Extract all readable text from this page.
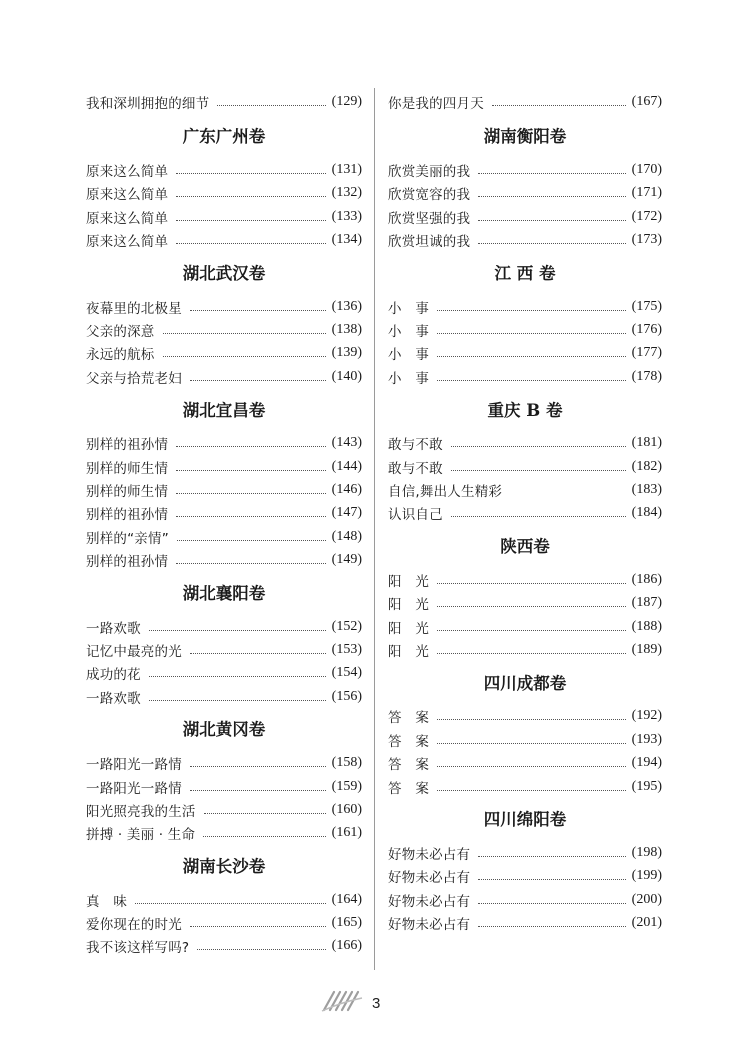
我和深圳拥抱的细节	(129)
广东广州卷
原来这么简单	(131)
原来这么简单	(132)
原来这么简单	(133)
原来这么简单	(134)
湖北武汉卷
夜幕里的北极星	(136)
父亲的深意	(138)
永远的航标	(139)
父亲与拾荒老妇	(140)
湖北宜昌卷
别样的祖孙情	(143)
别样的师生情	(144)
别样的师生情	(146)
别样的祖孙情	(147)
别样的“亲情”	(148)
别样的祖孙情	(149)
湖北襄阳卷
一路欢歌	(152)
记忆中最亮的光	(153)
成功的花	(154)
一路欢歌	(156)
湖北黄冈卷
一路阳光一路情	(158)
一路阳光一路情	(159)
阳光照亮我的生活	(160)
拼搏 · 美丽 · 生命	(161)
湖南长沙卷
真　味	(164)
爱你现在的时光	(165)
我不该这样写吗?	(166)
你是我的四月天	(167)
湖南衡阳卷
欣赏美丽的我	(170)
欣赏宽容的我	(171)
欣赏坚强的我	(172)
欣赏坦诚的我	(173)
江 西 卷
小　事	(175)
小　事	(176)
小　事	(177)
小　事	(178)
重庆 B 卷
敢与不敢	(181)
敢与不敢	(182)
自信,舞出人生精彩	(183)
认识自己	(184)
陕西卷
阳　光	(186)
阳　光	(187)
阳　光	(188)
阳　光	(189)
四川成都卷
答　案	(192)
答　案	(193)
答　案	(194)
答　案	(195)
四川绵阳卷
好物未必占有	(198)
好物未必占有	(199)
好物未必占有	(200)
好物未必占有	(201)
3
